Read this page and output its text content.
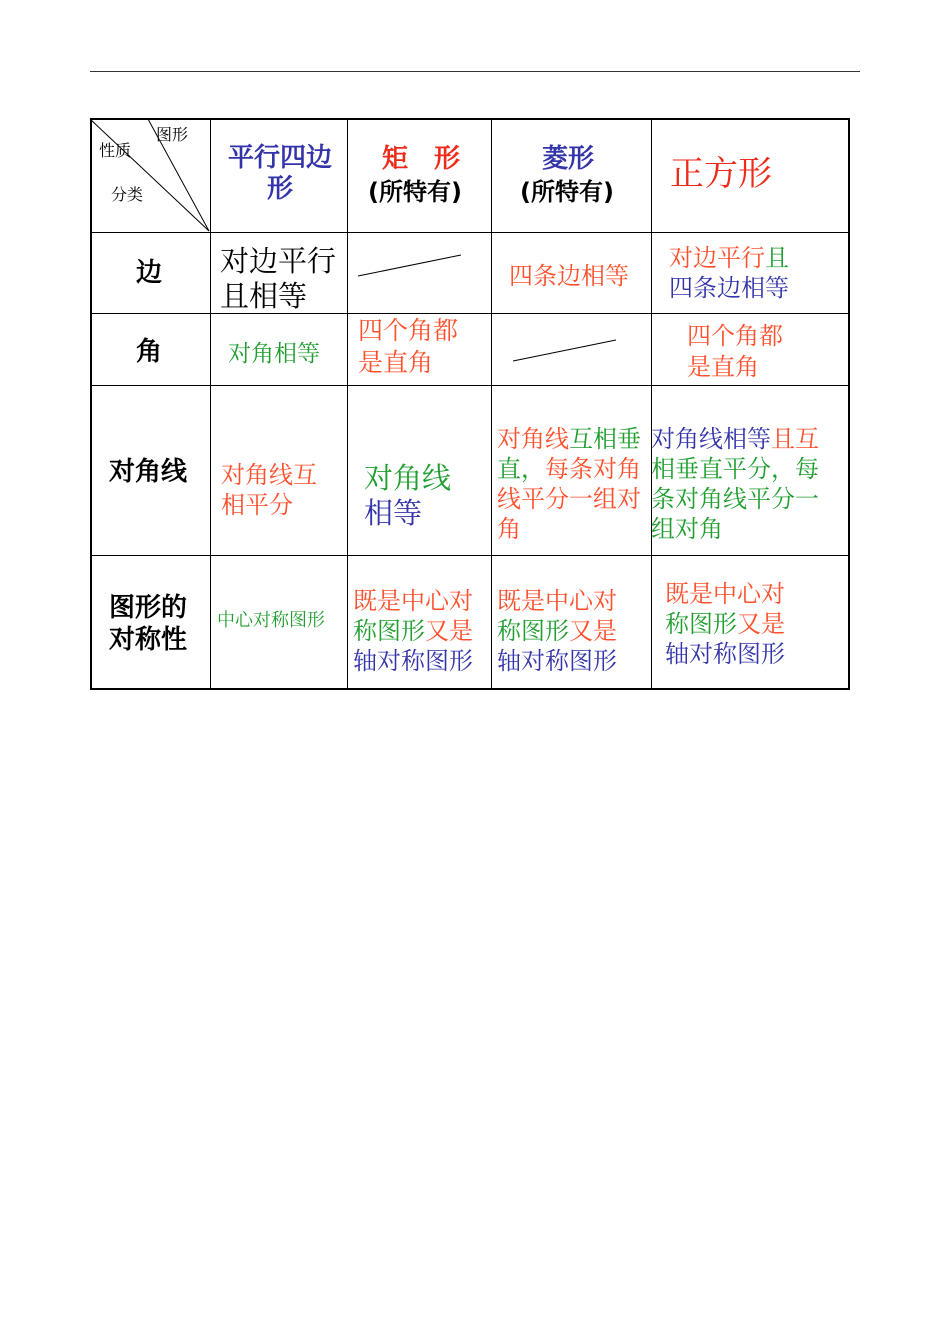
图形
性质
分类
平行四边形
矩　形
(所特有)
菱形
(所特有) 正方形
边
角
对角线
图形的
对称性
对边平行
且相等
四条边相等
对边平行且
四条边相等
对角相等
四个角都
是直角
四个角都
是直角
对角线互
相平分
对角线
相等
对角线互相垂
直，每条对角
线平分一组对
角
对角线相等且互
相垂直平分，每
条对角线平分一
组对角
中心对称图形
既是中心对
称图形又是
轴对称图形
既是中心对
称图形又是
轴对称图形
既是中心对
称图形又是
轴对称图形
